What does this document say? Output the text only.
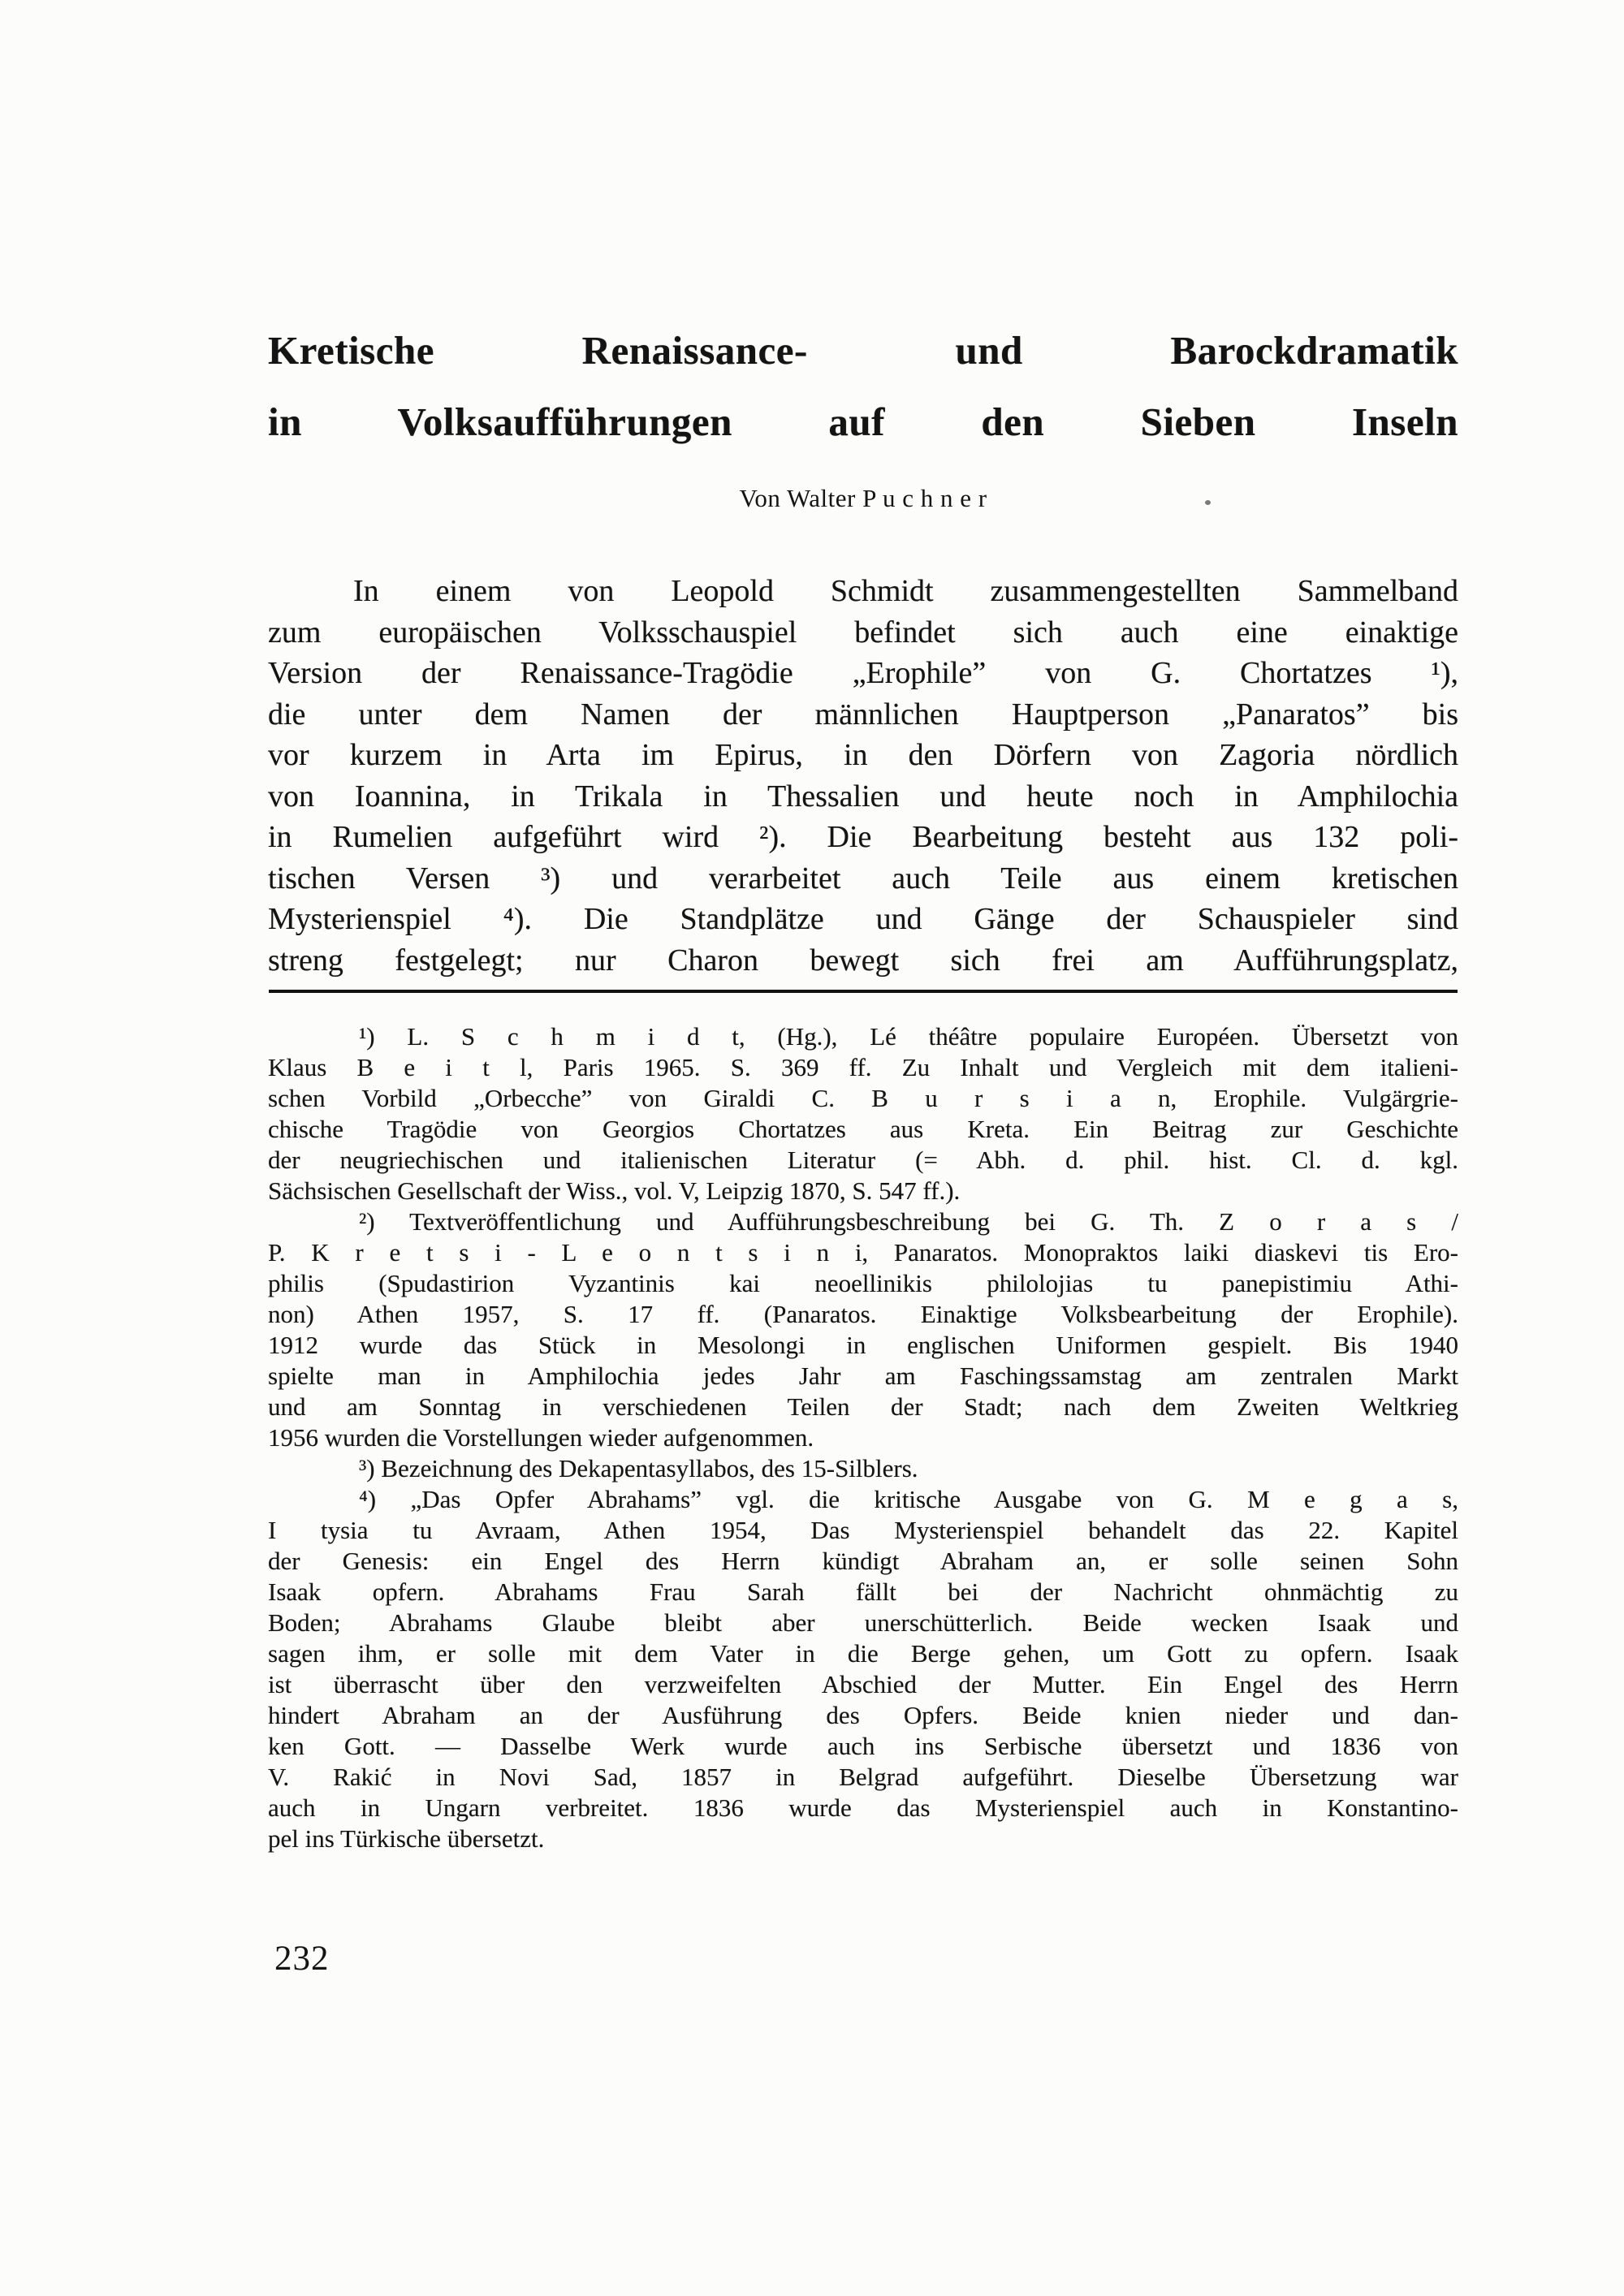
Kretische Renaissance- und Barockdramatik
in Volksaufführungen auf den Sieben Inseln
Von Walter P u c h n e r
In einem von Leopold Schmidt zusammengestellten Sammelband
zum europäischen Volksschauspiel befindet sich auch eine einaktige
Version der Renaissance-Tragödie „Erophile” von G. Chortatzes ¹),
die unter dem Namen der männlichen Hauptperson „Panaratos” bis
vor kurzem in Arta im Epirus, in den Dörfern von Zagoria nördlich
von Ioannina, in Trikala in Thessalien und heute noch in Amphilochia
in Rumelien aufgeführt wird ²). Die Bearbeitung besteht aus 132 poli-
tischen Versen ³) und verarbeitet auch Teile aus einem kretischen
Mysterienspiel ⁴). Die Standplätze und Gänge der Schauspieler sind
streng festgelegt; nur Charon bewegt sich frei am Aufführungsplatz,
¹) L. S c h m i d t, (Hg.), Lé théâtre populaire Européen. Übersetzt von
Klaus B e i t l, Paris 1965. S. 369 ff. Zu Inhalt und Vergleich mit dem italieni-
schen Vorbild „Orbecche” von Giraldi C. B u r s i a n, Erophile. Vulgärgrie-
chische Tragödie von Georgios Chortatzes aus Kreta. Ein Beitrag zur Geschichte
der neugriechischen und italienischen Literatur (= Abh. d. phil. hist. Cl. d. kgl.
Sächsischen Gesellschaft der Wiss., vol. V, Leipzig 1870, S. 547 ff.).
²) Textveröffentlichung und Aufführungsbeschreibung bei G. Th. Z o r a s /
P. K r e t s i - L e o n t s i n i, Panaratos. Monopraktos laiki diaskevi tis Ero-
philis (Spudastirion Vyzantinis kai neoellinikis philolojias tu panepistimiu Athi-
non) Athen 1957, S. 17 ff. (Panaratos. Einaktige Volksbearbeitung der Erophile).
1912 wurde das Stück in Mesolongi in englischen Uniformen gespielt. Bis 1940
spielte man in Amphilochia jedes Jahr am Faschingssamstag am zentralen Markt
und am Sonntag in verschiedenen Teilen der Stadt; nach dem Zweiten Weltkrieg
1956 wurden die Vorstellungen wieder aufgenommen.
³) Bezeichnung des Dekapentasyllabos, des 15-Silblers.
⁴) „Das Opfer Abrahams” vgl. die kritische Ausgabe von G. M e g a s,
I tysia tu Avraam, Athen 1954, Das Mysterienspiel behandelt das 22. Kapitel
der Genesis: ein Engel des Herrn kündigt Abraham an, er solle seinen Sohn
Isaak opfern. Abrahams Frau Sarah fällt bei der Nachricht ohnmächtig zu
Boden; Abrahams Glaube bleibt aber unerschütterlich. Beide wecken Isaak und
sagen ihm, er solle mit dem Vater in die Berge gehen, um Gott zu opfern. Isaak
ist überrascht über den verzweifelten Abschied der Mutter. Ein Engel des Herrn
hindert Abraham an der Ausführung des Opfers. Beide knien nieder und dan-
ken Gott. — Dasselbe Werk wurde auch ins Serbische übersetzt und 1836 von
V. Rakić in Novi Sad, 1857 in Belgrad aufgeführt. Dieselbe Übersetzung war
auch in Ungarn verbreitet. 1836 wurde das Mysterienspiel auch in Konstantino-
pel ins Türkische übersetzt.
232
